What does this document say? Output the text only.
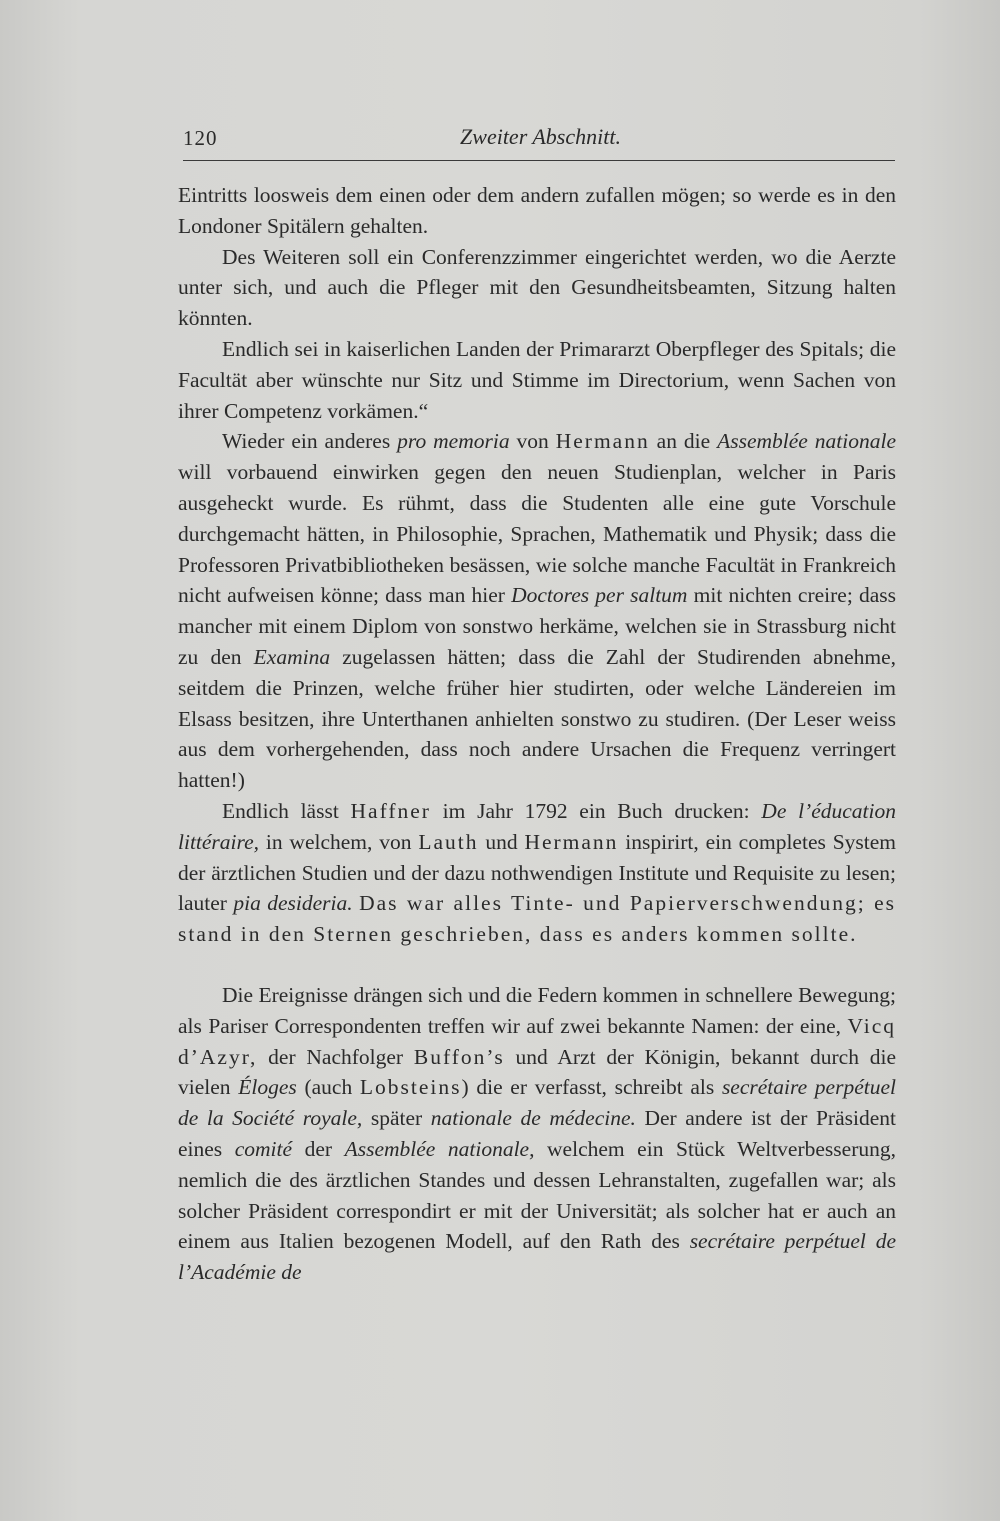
120	Zweiter Abschnitt.

Eintritts loosweis dem einen oder dem andern zufallen mögen; so werde es in den Londoner Spitälern gehalten.

Des Weiteren soll ein Conferenzzimmer eingerichtet werden, wo die Aerzte unter sich, und auch die Pfleger mit den Gesundheitsbeamten, Sitzung halten könnten.

Endlich sei in kaiserlichen Landen der Primararzt Oberpfleger des Spitals; die Facultät aber wünschte nur Sitz und Stimme im Directorium, wenn Sachen von ihrer Competenz vorkämen.“

Wieder ein anderes pro memoria von Hermann an die Assemblée nationale will vorbauend einwirken gegen den neuen Studienplan, welcher in Paris ausgeheckt wurde. Es rühmt, dass die Studenten alle eine gute Vorschule durchgemacht hätten, in Philosophie, Sprachen, Mathematik und Physik; dass die Professoren Privatbibliotheken besässen, wie solche manche Facultät in Frankreich nicht aufweisen könne; dass man hier Doctores per saltum mit nichten creire; dass mancher mit einem Diplom von sonstwo herkäme, welchen sie in Strassburg nicht zu den Examina zugelassen hätten; dass die Zahl der Studirenden abnehme, seitdem die Prinzen, welche früher hier studirten, oder welche Ländereien im Elsass besitzen, ihre Unterthanen anhielten sonstwo zu studiren. (Der Leser weiss aus dem vorhergehenden, dass noch andere Ursachen die Frequenz verringert hatten!)

Endlich lässt Haffner im Jahr 1792 ein Buch drucken: De l’éducation littéraire, in welchem, von Lauth und Hermann inspirirt, ein completes System der ärztlichen Studien und der dazu nothwendigen Institute und Requisite zu lesen; lauter pia desideria. Das war alles Tinte- und Papierverschwendung; es stand in den Sternen geschrieben, dass es anders kommen sollte.

Die Ereignisse drängen sich und die Federn kommen in schnellere Bewegung; als Pariser Correspondenten treffen wir auf zwei bekannte Namen: der eine, Vicq d’Azyr, der Nachfolger Buffon’s und Arzt der Königin, bekannt durch die vielen Éloges (auch Lobsteins) die er verfasst, schreibt als secrétaire perpétuel de la Société royale, später nationale de médecine. Der andere ist der Präsident eines comité der Assemblée nationale, welchem ein Stück Weltverbesserung, nemlich die des ärztlichen Standes und dessen Lehranstalten, zugefallen war; als solcher Präsident correspondirt er mit der Universität; als solcher hat er auch an einem aus Italien bezogenen Modell, auf den Rath des secrétaire perpétuel de l’Académie de
